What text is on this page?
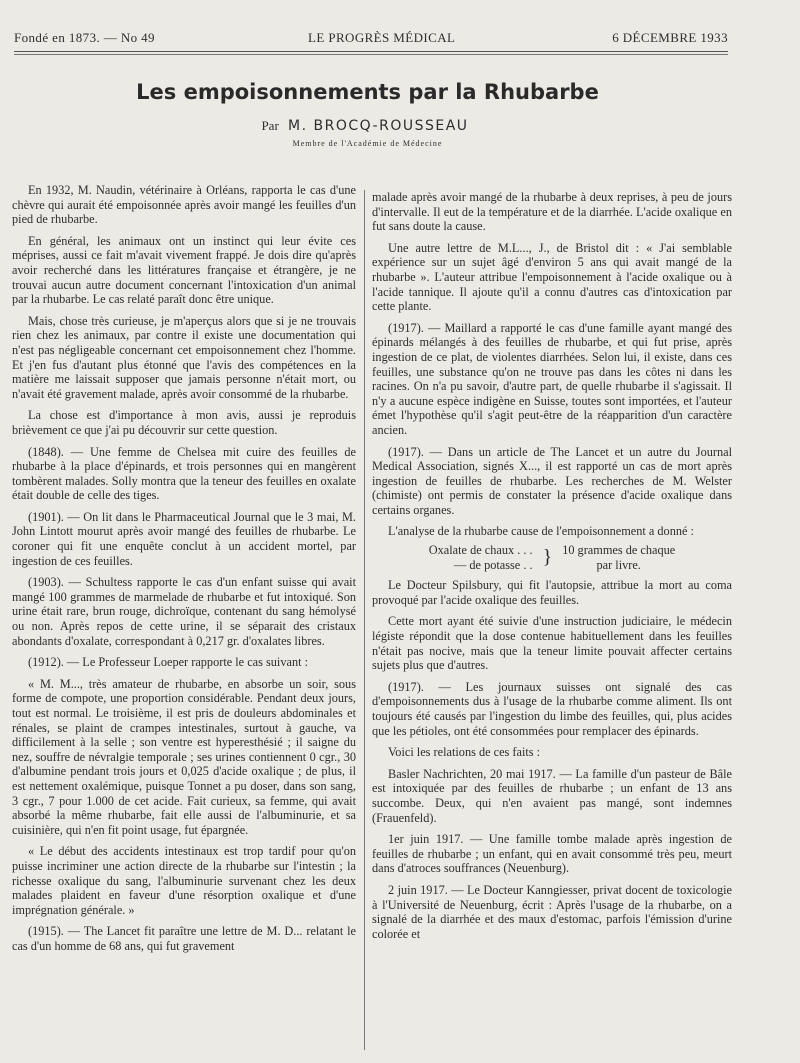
Fondé en 1873. — No 49	LE PROGRÈS MÉDICAL	6 DÉCEMBRE 1933
Les empoisonnements par la Rhubarbe
Par M. BROCQ-ROUSSEAU
Membre de l'Académie de Médecine

En 1932, M. Naudin, vétérinaire à Orléans, rapporta le cas d'une chèvre qui aurait été empoisonnée après avoir mangé les feuilles d'un pied de rhubarbe.

En général, les animaux ont un instinct qui leur évite ces méprises, aussi ce fait m'avait vivement frappé. Je dois dire qu'après avoir recherché dans les littératures française et étrangère, je ne trouvai aucun autre document concernant l'intoxication d'un animal par la rhubarbe. Le cas relaté paraît donc être unique.

Mais, chose très curieuse, je m'aperçus alors que si je ne trouvais rien chez les animaux, par contre il existe une documentation qui n'est pas négligeable concernant cet empoisonnement chez l'homme. Et j'en fus d'autant plus étonné que l'avis des compétences en la matière me laissait supposer que jamais personne n'était mort, ou n'avait été gravement malade, après avoir consommé de la rhubarbe.

La chose est d'importance à mon avis, aussi je reproduis brièvement ce que j'ai pu découvrir sur cette question.

(1848). — Une femme de Chelsea mit cuire des feuilles de rhubarbe à la place d'épinards, et trois personnes qui en mangèrent tombèrent malades. Solly montra que la teneur des feuilles en oxalate était double de celle des tiges.

(1901). — On lit dans le Pharmaceutical Journal que le 3 mai, M. John Lintott mourut après avoir mangé des feuilles de rhubarbe. Le coroner qui fit une enquête conclut à un accident mortel, par ingestion de ces feuilles.

(1903). — Schultess rapporte le cas d'un enfant suisse qui avait mangé 100 grammes de marmelade de rhubarbe et fut intoxiqué. Son urine était rare, brun rouge, dichroïque, contenant du sang hémolysé ou non. Après repos de cette urine, il se séparait des cristaux abondants d'oxalate, correspondant à 0,217 gr. d'oxalates libres.

(1912). — Le Professeur Loeper rapporte le cas suivant :

« M. M..., très amateur de rhubarbe, en absorbe un soir, sous forme de compote, une proportion considérable. Pendant deux jours, tout est normal. Le troisième, il est pris de douleurs abdominales et rénales, se plaint de crampes intestinales, surtout à gauche, va difficilement à la selle ; son ventre est hyperesthésié ; il saigne du nez, souffre de névralgie temporale ; ses urines contiennent 0 cgr., 30 d'albumine pendant trois jours et 0,025 d'acide oxalique ; de plus, il est nettement oxalémique, puisque Tonnet a pu doser, dans son sang, 3 cgr., 7 pour 1.000 de cet acide. Fait curieux, sa femme, qui avait absorbé la même rhubarbe, fait elle aussi de l'albuminurie, et sa cuisinière, qui n'en fit point usage, fut épargnée.

« Le début des accidents intestinaux est trop tardif pour qu'on puisse incriminer une action directe de la rhubarbe sur l'intestin ; la richesse oxalique du sang, l'albuminurie survenant chez les deux malades plaident en faveur d'une résorption oxalique et d'une imprégnation générale. »

(1915). — The Lancet fit paraître une lettre de M. D... relatant le cas d'un homme de 68 ans, qui fut gravement

malade après avoir mangé de la rhubarbe à deux reprises, à peu de jours d'intervalle. Il eut de la température et de la diarrhée. L'acide oxalique en fut sans doute la cause.

Une autre lettre de M.L..., J., de Bristol dit : « J'ai semblable expérience sur un sujet âgé d'environ 5 ans qui avait mangé de la rhubarbe ». L'auteur attribue l'empoisonnement à l'acide oxalique ou à l'acide tannique. Il ajoute qu'il a connu d'autres cas d'intoxication par cette plante.

(1917). — Maillard a rapporté le cas d'une famille ayant mangé des épinards mélangés à des feuilles de rhubarbe, et qui fut prise, après ingestion de ce plat, de violentes diarrhées. Selon lui, il existe, dans ces feuilles, une substance qu'on ne trouve pas dans les côtes ni dans les racines. On n'a pu savoir, d'autre part, de quelle rhubarbe il s'agissait. Il n'y a aucune espèce indigène en Suisse, toutes sont importées, et l'auteur émet l'hypothèse qu'il s'agit peut-être de la réapparition d'un caractère ancien.

(1917). — Dans un article de The Lancet et un autre du Journal Medical Association, signés X..., il est rapporté un cas de mort après ingestion de feuilles de rhubarbe. Les recherches de M. Welster (chimiste) ont permis de constater la présence d'acide oxalique dans certains organes.

L'analyse de la rhubarbe cause de l'empoisonnement a donné :

Oxalate de chaux . . .
— de potasse . . } 10 grammes de chaque
par livre.

Le Docteur Spilsbury, qui fit l'autopsie, attribue la mort au coma provoqué par l'acide oxalique des feuilles.

Cette mort ayant été suivie d'une instruction judiciaire, le médecin légiste répondit que la dose contenue habituellement dans les feuilles n'était pas nocive, mais que la teneur limite pouvait affecter certains sujets plus que d'autres.

(1917). — Les journaux suisses ont signalé des cas d'empoisonnements dus à l'usage de la rhubarbe comme aliment. Ils ont toujours été causés par l'ingestion du limbe des feuilles, qui, plus acides que les pétioles, ont été consommées pour remplacer des épinards.

Voici les relations de ces faits :

Basler Nachrichten, 20 mai 1917. — La famille d'un pasteur de Bâle est intoxiquée par des feuilles de rhubarbe ; un enfant de 13 ans succombe. Deux, qui n'en avaient pas mangé, sont indemnes (Frauenfeld).

1er juin 1917. — Une famille tombe malade après ingestion de feuilles de rhubarbe ; un enfant, qui en avait consommé très peu, meurt dans d'atroces souffrances (Neuenburg).

2 juin 1917. — Le Docteur Kanngiesser, privat docent de toxicologie à l'Université de Neuenburg, écrit : Après l'usage de la rhubarbe, on a signalé de la diarrhée et des maux d'estomac, parfois l'émission d'urine colorée et
